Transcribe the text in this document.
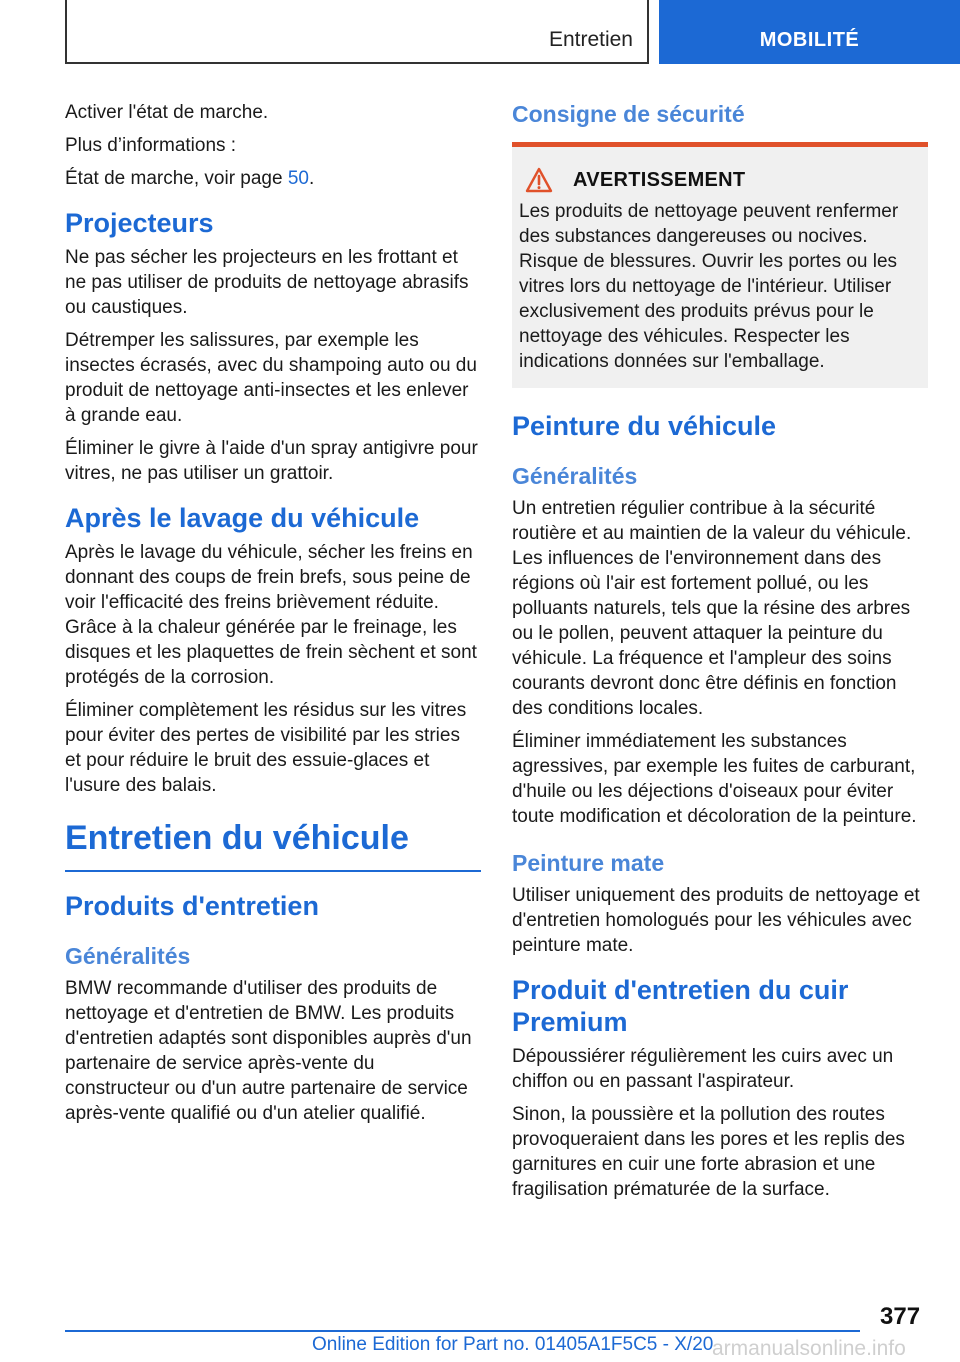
Entretien	MOBILITÉ

Activer l'état de marche.

Plus d’informations :

État de marche, voir page 50.

Projecteurs

Ne pas sécher les projecteurs en les frottant et ne pas utiliser de produits de nettoyage abrasifs ou caustiques.

Détremper les salissures, par exemple les insectes écrasés, avec du shampoing auto ou du produit de nettoyage anti-insectes et les enlever à grande eau.

Éliminer le givre à l'aide d'un spray antigivre pour vitres, ne pas utiliser un grattoir.

Après le lavage du véhicule

Après le lavage du véhicule, sécher les freins en donnant des coups de frein brefs, sous peine de voir l'efficacité des freins brièvement réduite. Grâce à la chaleur générée par le freinage, les disques et les plaquettes de frein sèchent et sont protégés de la corrosion.

Éliminer complètement les résidus sur les vitres pour éviter des pertes de visibilité par les stries et pour réduire le bruit des essuie-glaces et l'usure des balais.

Entretien du véhicule
Produits d'entretien
Généralités

BMW recommande d'utiliser des produits de nettoyage et d'entretien de BMW. Les produits d'entretien adaptés sont disponibles auprès d'un partenaire de service après-vente du constructeur ou d'un autre partenaire de service après-vente qualifié ou d'un atelier qualifié.

Consigne de sécurité
AVERTISSEMENT

Les produits de nettoyage peuvent renfermer des substances dangereuses ou nocives. Risque de blessures. Ouvrir les portes ou les vitres lors du nettoyage de l'intérieur. Utiliser exclusivement des produits prévus pour le nettoyage des véhicules. Respecter les indications données sur l'emballage.

Peinture du véhicule
Généralités

Un entretien régulier contribue à la sécurité routière et au maintien de la valeur du véhicule. Les influences de l'environnement dans des régions où l'air est fortement pollué, ou les polluants naturels, tels que la résine des arbres ou le pollen, peuvent attaquer la peinture du véhicule. La fréquence et l'ampleur des soins courants devront donc être définis en fonction des conditions locales.

Éliminer immédiatement les substances agressives, par exemple les fuites de carburant, d'huile ou les déjections d'oiseaux pour éviter toute modification et décoloration de la peinture.

Peinture mate

Utiliser uniquement des produits de nettoyage et d'entretien homologués pour les véhicules avec peinture mate.

Produit d'entretien du cuir Premium

Dépoussiérer régulièrement les cuirs avec un chiffon ou en passant l'aspirateur.

Sinon, la poussière et la pollution des routes provoqueraient dans les pores et les replis des garnitures en cuir une forte abrasion et une fragilisation prématurée de la surface.

377
Online Edition for Part no. 01405A1F5C5 - X/20
armanualsonline.info
